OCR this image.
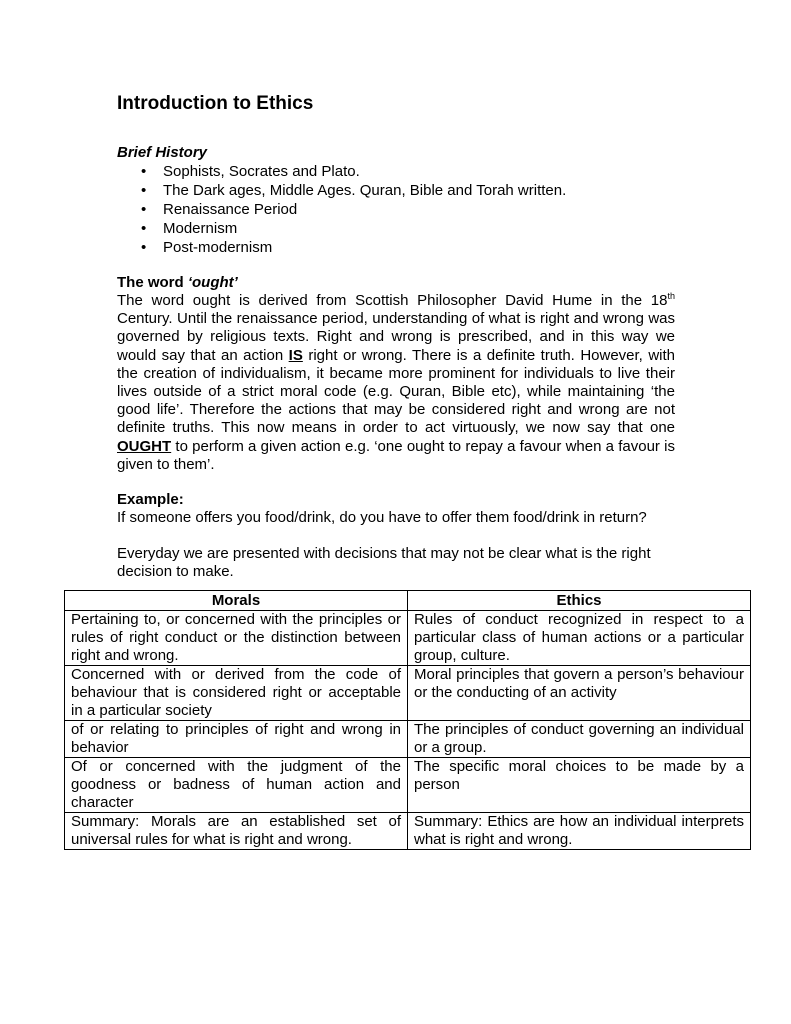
Introduction to Ethics
Brief History
• Sophists, Socrates and Plato.
• The Dark ages, Middle Ages. Quran, Bible and Torah written.
• Renaissance Period
• Modernism
• Post-modernism
The word ‘ought’

The word ought is derived from Scottish Philosopher David Hume in the 18th Century. Until the renaissance period, understanding of what is right and wrong was governed by religious texts. Right and wrong is prescribed, and in this way we would say that an action IS right or wrong. There is a definite truth. However, with the creation of individualism, it became more prominent for individuals to live their lives outside of a strict moral code (e.g. Quran, Bible etc), while maintaining ‘the good life’. Therefore the actions that may be considered right and wrong are not definite truths. This now means in order to act virtuously, we now say that one OUGHT to perform a given action e.g. ‘one ought to repay a favour when a favour is given to them’.

Example:

If someone offers you food/drink, do you have to offer them food/drink in return?

Everyday we are presented with decisions that may not be clear what is the right decision to make.

Morals	Ethics
Pertaining to, or concerned with the principles or rules of right conduct or the distinction between right and wrong.	Rules of conduct recognized in respect to a particular class of human actions or a particular group, culture.
Concerned with or derived from the code of behaviour that is considered right or acceptable in a particular society	Moral principles that govern a person’s behaviour or the conducting of an activity
of or relating to principles of right and wrong in behavior	The principles of conduct governing an individual or a group.
Of or concerned with the judgment of the goodness or badness of human action and character	The specific moral choices to be made by a person
Summary: Morals are an established set of universal rules for what is right and wrong.	Summary: Ethics are how an individual interprets what is right and wrong.
